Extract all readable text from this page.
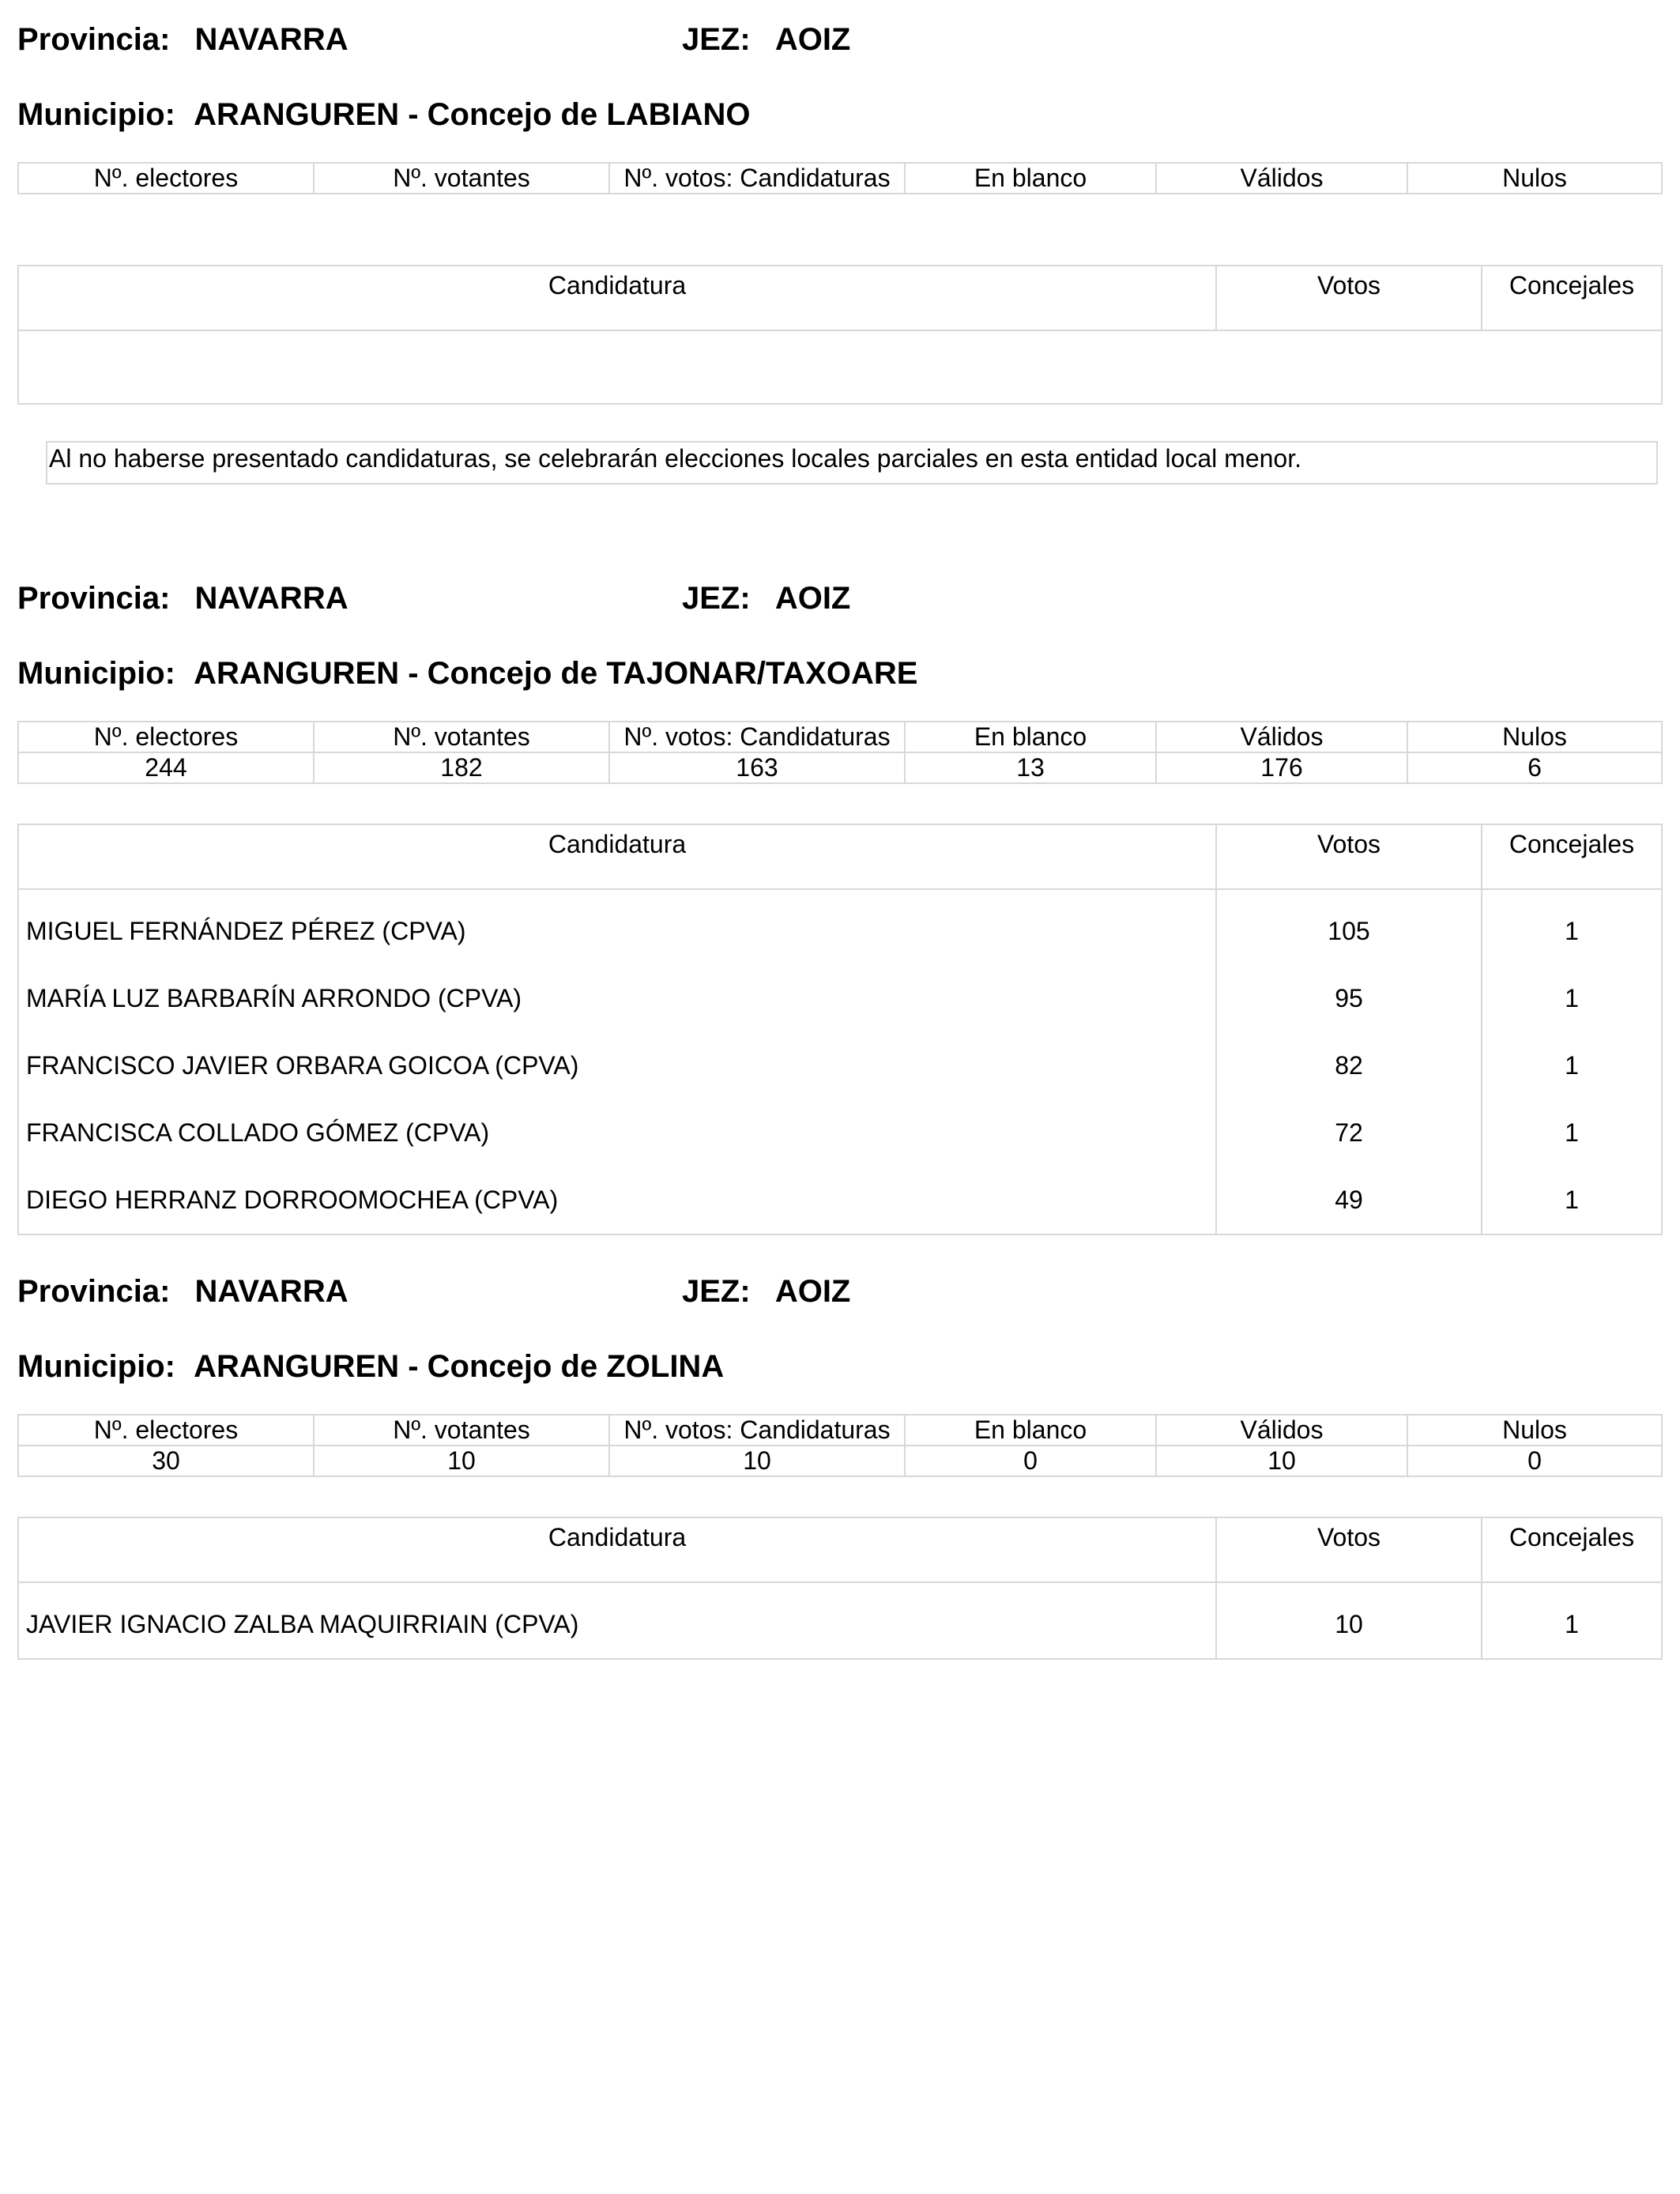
Provincia: NAVARRA	JEZ: AOIZ
Municipio: ARANGUREN - Concejo de LABIANO
Nº. electores	Nº. votantes	Nº. votos: Candidaturas	En blanco	Válidos	Nulos
Candidatura	Votos	Concejales

Al no haberse presentado candidaturas, se celebrarán elecciones locales parciales en esta entidad local menor.
Provincia: NAVARRA	JEZ: AOIZ
Municipio: ARANGUREN - Concejo de TAJONAR/TAXOARE
Nº. electores	Nº. votantes	Nº. votos: Candidaturas	En blanco	Válidos	Nulos
244	182	163	13	176	6
Candidatura	Votos	Concejales
MIGUEL FERNÁNDEZ PÉREZ (CPVA)	105	1
MARÍA LUZ BARBARÍN ARRONDO (CPVA)	95	1
FRANCISCO JAVIER ORBARA GOICOA (CPVA)	82	1
FRANCISCA COLLADO GÓMEZ (CPVA)	72	1
DIEGO HERRANZ DORROOMOCHEA (CPVA)	49	1
Provincia: NAVARRA	JEZ: AOIZ
Municipio: ARANGUREN - Concejo de ZOLINA
Nº. electores	Nº. votantes	Nº. votos: Candidaturas	En blanco	Válidos	Nulos
30	10	10	0	10	0
Candidatura	Votos	Concejales
JAVIER IGNACIO ZALBA MAQUIRRIAIN (CPVA)	10	1
